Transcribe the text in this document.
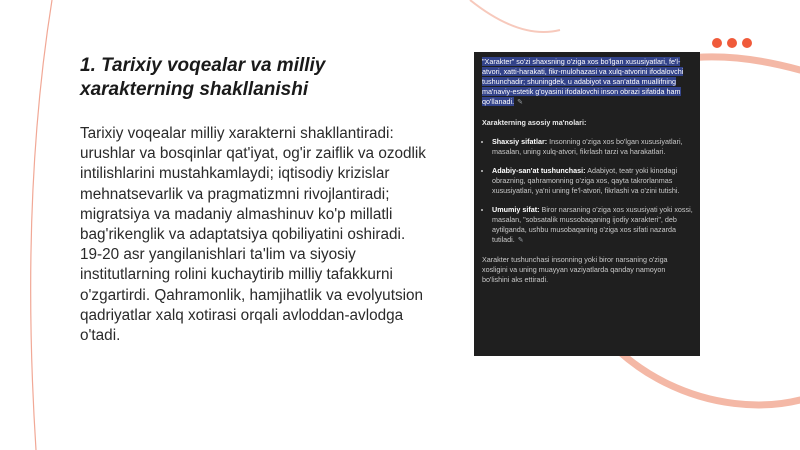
1. Tarixiy voqealar va milliy xarakterning shakllanishi

Tarixiy voqealar milliy xarakterni shakllantiradi: urushlar va bosqinlar qat'iyat, og'ir zaiflik va ozodlik intilishlarini mustahkamlaydi; iqtisodiy krizislar mehnatsevarlik va pragmatizmni rivojlantiradi; migratsiya va madaniy almashinuv ko'p millatli bag'rikenglik va adaptatsiya qobiliyatini oshiradi. 19-20 asr yangilanishlari ta'lim va siyosiy institutlarning rolini kuchaytirib milliy tafakkurni o'zgartirdi. Qahramonlik, hamjihatlik va evolyutsion qadriyatlar xalq xotirasi orqali avloddan-avlodga o'tadi.

"Xarakter" so'zi shaxsning o'ziga xos bo'lgan xususiyatlari, fe'l-atvori, xatti-harakati, fikr-mulohazasi va xulq-atvorini ifodalovchi tushunchadir; shuningdek, u adabiyot va san'atda muallifning ma'naviy-estetik g'oyasini ifodalovchi inson obrazi sifatida ham qo'llanadi. ✎

Xarakterning asosiy ma'nolari:

• Shaxsiy sifatlar: Insonning o'ziga xos bo'lgan xususiyatlari, masalan, uning xulq-atvori, fikrlash tarzi va harakatlari.
• Adabiy-san'at tushunchasi: Adabiyot, teatr yoki kinodagi obrazning, qahramonning o'ziga xos, qayta takrorlanmas xususiyatlari, ya'ni uning fe'l-atvori, fikrlashi va o'zini tutishi.
• Umumiy sifat: Biror narsaning o'ziga xos xususiyati yoki xossi, masalan, "sobsatalik mussobaqaning ijodiy xarakteri", deb aytilganda, ushbu musobaqaning o'ziga xos sifati nazarda tutiladi. ✎

Xarakter tushunchasi insonning yoki biror narsaning o'ziga xosligini va uning muayyan vaziyatlarda qanday namoyon bo'lishini aks ettiradi.
